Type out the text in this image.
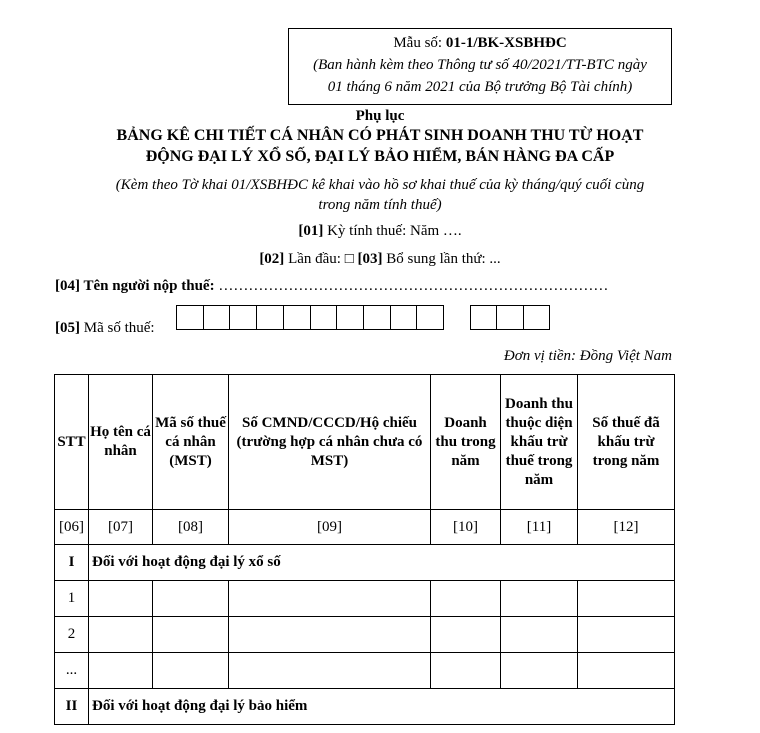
Mẫu số: 01-1/BK-XSBHĐC
(Ban hành kèm theo Thông tư số 40/2021/TT-BTC ngày
01 tháng 6 năm 2021 của Bộ trưởng Bộ Tài chính)
Phụ lục
BẢNG KÊ CHI TIẾT CÁ NHÂN CÓ PHÁT SINH DOANH THU TỪ HOẠT
ĐỘNG ĐẠI LÝ XỔ SỐ, ĐẠI LÝ BẢO HIỂM, BÁN HÀNG ĐA CẤP
(Kèm theo Tờ khai 01/XSBHĐC kê khai vào hồ sơ khai thuế của kỳ tháng/quý cuối cùng
trong năm tính thuế)
[01] Kỳ tính thuế: Năm ….
[02] Lần đầu: □ [03] Bổ sung lần thứ: ...
[04] Tên người nộp thuế: ……………………………………………………………………
[05] Mã số thuế:
Đơn vị tiền: Đồng Việt Nam
STT	Họ tên cá nhân	Mã số thuế cá nhân (MST)	Số CMND/CCCD/Hộ chiếu (trường hợp cá nhân chưa có MST)	Doanh thu trong năm	Doanh thu thuộc diện khấu trừ thuế trong năm	Số thuế đã khấu trừ trong năm
[06]	[07]	[08]	[09]	[10]	[11]	[12]
I	Đối với hoạt động đại lý xổ số					
1						
2						
...						
II	Đối với hoạt động đại lý bảo hiểm					
